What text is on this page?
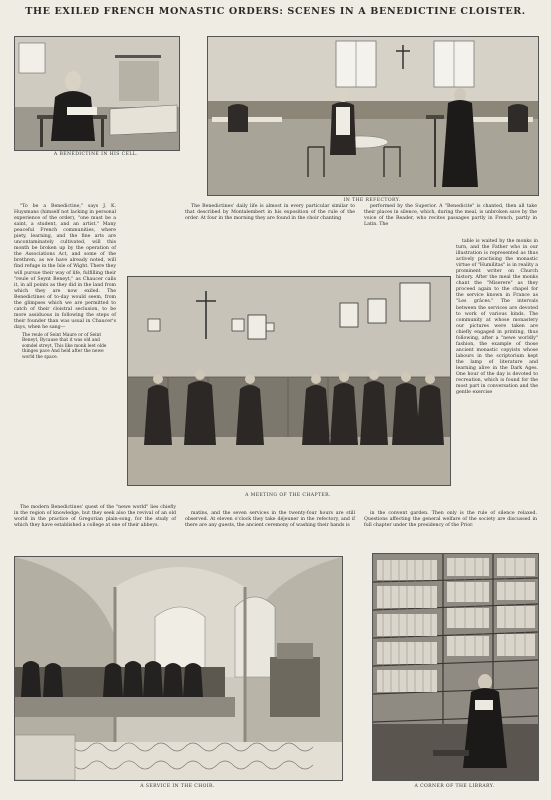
THE EXILED FRENCH MONASTIC ORDERS: SCENES IN A BENEDICTINE CLOISTER.
A BENEDICTINE IN HIS CELL.
IN THE REFECTORY.

"To be a Benedictine," says J. K. Huysmans (himself not lacking in personal experience of the order), "one must be a saint, a student, and an artist." Many peaceful French communities, where piety, learning, and the fine arts are uncontaminately cultivated, will this month be broken up by the operation of the Associations Act, and some of the brethren, as we have already noted, will find refuge in the Isle of Wight. There they will pursue their way of life, fulfilling their "reule of Seynt Beneyt," as Chaucer calls it, in all points as they did in the land from which they are now exiled. The Benedictines of to-day would seem, from the glimpses which we are permitted to catch of their cloistral seclusion, to be more assiduous in following the steps of their founder than was usual in Chaucer's days, when he sang—

The reule of Seint Maure or of Seint Beneyt, Bycause that it was old and somdel streyt, This like monk leet olde thinges pace And held after the newe world the space.

The modern Benedictines' quest of the "newe world" lies chiefly in the region of knowledge, but they seek also the revival of an old world in the practice of Gregorian plain-song, for the study of which they have established a college at one of their abbeys.

The Benedictines' daily life is almost in every particular similar to that described by Montalembert in his exposition of the rule of the order. At four in the morning they are found in the choir chanting

performed by the Superior. A "Benedicite" is chanted, then all take their places in silence, which, during the meal, is unbroken save by the voice of the Reader, who recites passages partly in French, partly in Latin. The

A MEETING OF THE CHAPTER.

table is waited by the monks in turn, and the Father who in our illustration is represented as thus actively practising the monastic virtue of "Humilitas" is in reality a prominent writer on Church history. After the meal the monks chant the "Miserere" as they proceed again to the chapel for the service known in France as "Les grâces." The intervals between the services are devoted to work of various kinds. The community at whose monastery our pictures were taken are chiefly engaged in printing, thus following, after a "newe worldly" fashion, the example of those ancient monastic copyists whose labours in the scriptorium kept the lamp of literature and learning alive in the Dark Ages. One hour of the day is devoted to recreation, which is found for the most part in conversation and the gentle exercise

matins, and the seven services in the twenty-four hours are still observed. At eleven o'clock they take déjeuner in the refectory, and if there are any guests, the ancient ceremony of washing their hands is

in the convent garden. Then only is the rule of silence relaxed. Questions affecting the general welfare of the society are discussed in full chapter under the presidency of the Prior.

A SERVICE IN THE CHOIR.	A CORNER OF THE LIBRARY.
